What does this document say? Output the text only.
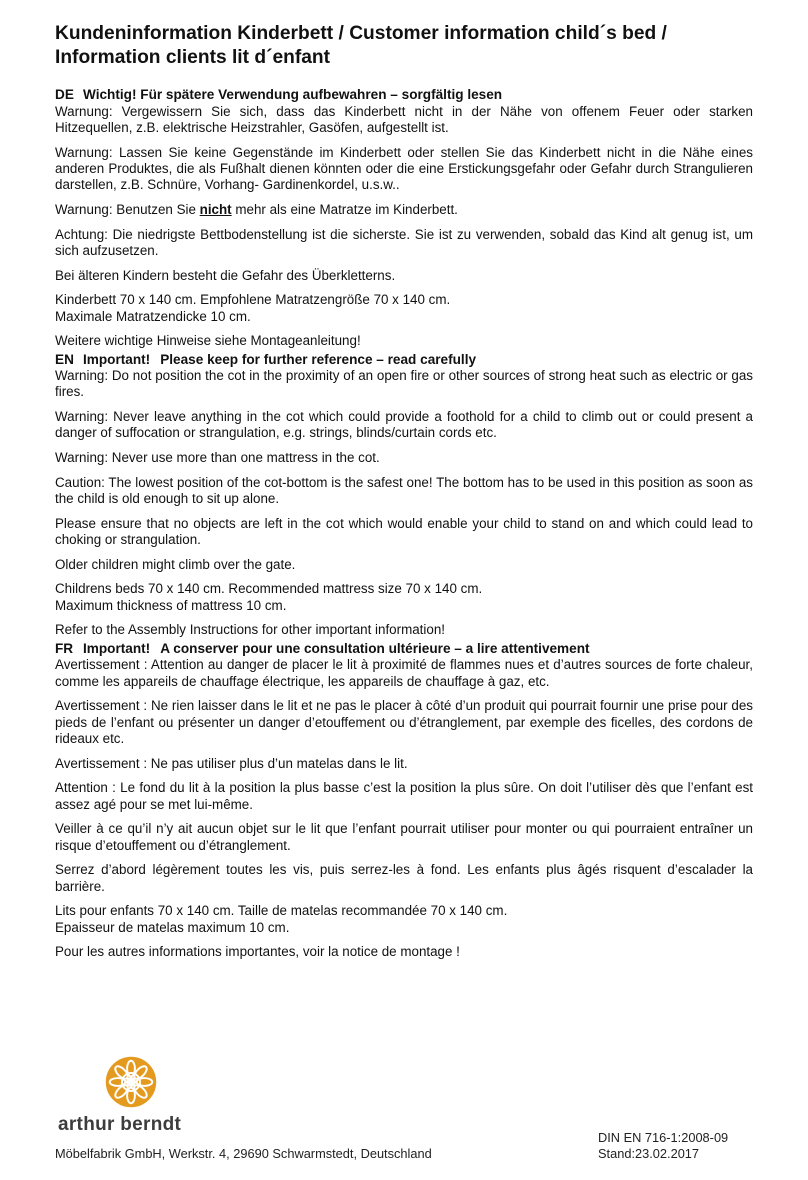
Kundeninformation Kinderbett / Customer information child´s bed /
Information clients lit d´enfant

DE Wichtig! Für spätere Verwendung aufbewahren – sorgfältig lesen

Warnung: Vergewissern Sie sich, dass das Kinderbett nicht in der Nähe von offenem Feuer oder starken Hitzequellen, z.B. elektrische Heizstrahler, Gasöfen, aufgestellt ist.

Warnung: Lassen Sie keine Gegenstände im Kinderbett oder stellen Sie das Kinderbett nicht in die Nähe eines anderen Produktes, die als Fußhalt dienen könnten oder die eine Erstickungsgefahr oder Gefahr durch Strangulieren darstellen, z.B. Schnüre, Vorhang- Gardinenkordel, u.s.w..

Warnung: Benutzen Sie nicht mehr als eine Matratze im Kinderbett.

Achtung: Die niedrigste Bettbodenstellung ist die sicherste. Sie ist zu verwenden, sobald das Kind alt genug ist, um sich aufzusetzen.

Bei älteren Kindern besteht die Gefahr des Überkletterns.

Kinderbett 70 x 140 cm. Empfohlene Matratzengröße 70 x 140 cm.
Maximale Matratzendicke 10 cm.

Weitere wichtige Hinweise siehe Montageanleitung!

EN Important! Please keep for further reference – read carefully

Warning: Do not position the cot in the proximity of an open fire or other sources of strong heat such as electric or gas fires.

Warning: Never leave anything in the cot which could provide a foothold for a child to climb out or could present a danger of suffocation or strangulation, e.g. strings, blinds/curtain cords etc.

Warning: Never use more than one mattress in the cot.

Caution: The lowest position of the cot-bottom is the safest one! The bottom has to be used in this position as soon as the child is old enough to sit up alone.

Please ensure that no objects are left in the cot which would enable your child to stand on and which could lead to choking or strangulation.

Older children might climb over the gate.

Childrens beds 70 x 140 cm. Recommended mattress size 70 x 140 cm.
Maximum thickness of mattress 10 cm.

Refer to the Assembly Instructions for other important information!

FR Important! A conserver pour une consultation ultérieure – a lire attentivement

Avertissement : Attention au danger de placer le lit à proximité de flammes nues et d’autres sources de forte chaleur, comme les appareils de chauffage électrique, les appareils de chauffage à gaz, etc.

Avertissement : Ne rien laisser dans le lit et ne pas le placer à côté d’un produit qui pourrait fournir une prise pour des pieds de l’enfant ou présenter un danger d’etouffement ou d’étranglement, par exemple des ficelles, des cordons de rideaux etc.

Avertissement : Ne pas utiliser plus d’un matelas dans le lit.

Attention : Le fond du lit à la position la plus basse c’est la position la plus sûre. On doit l’utiliser dès que l’enfant est assez agé pour se met lui-même.

Veiller à ce qu’il n’y ait aucun objet sur le lit que l’enfant pourrait utiliser pour monter ou qui pourraient entraîner un risque d’etouffement ou d’étranglement.

Serrez d’abord légèrement toutes les vis, puis serrez-les à fond. Les enfants plus âgés risquent d’escalader la barrière.

Lits pour enfants 70 x 140 cm. Taille de matelas recommandée 70 x 140 cm.
Epaisseur de matelas maximum 10 cm.

Pour les autres informations importantes, voir la notice de montage !

arthur berndt
Möbelfabrik GmbH, Werkstr. 4, 29690 Schwarmstedt, Deutschland
DIN EN 716-1:2008-09
Stand:23.02.2017
